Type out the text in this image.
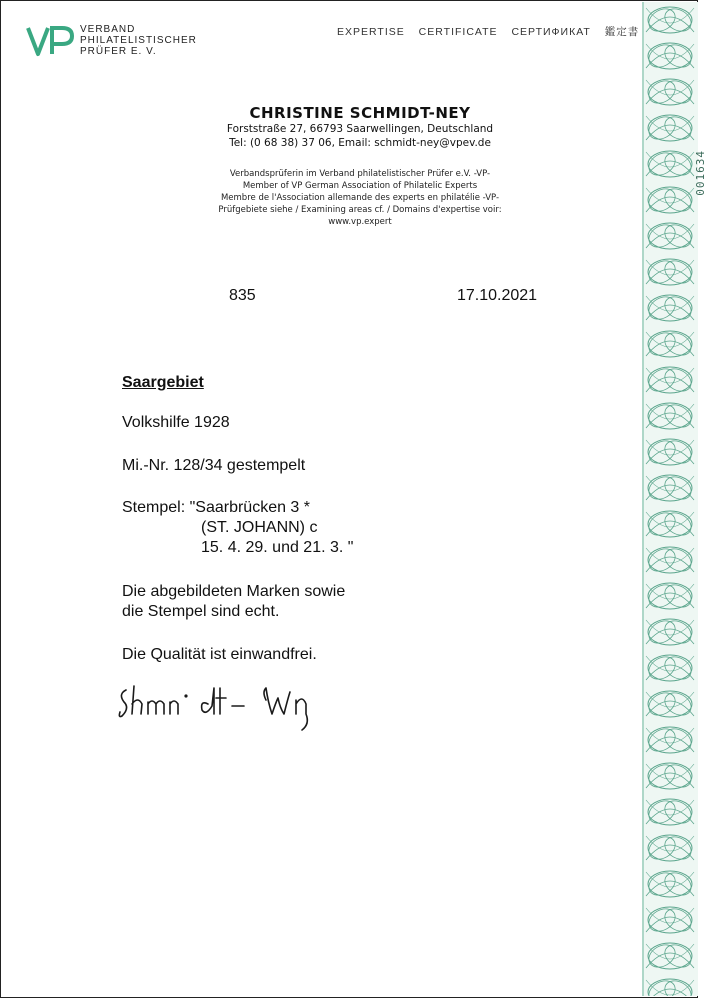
001634
VERBAND
PHILATELISTISCHER
PRÜFER E. V.
EXPERTISE CERTIFICATE СЕРТИФИКАТ 鑑定書
CHRISTINE SCHMIDT-NEY
Forststraße 27, 66793 Saarwellingen, Deutschland
Tel: (0 68 38) 37 06, Email: schmidt-ney@vpev.de
Verbandsprüferin im Verband philatelistischer Prüfer e.V. -VP-
Member of VP German Association of Philatelic Experts
Membre de l'Association allemande des experts en philatélie -VP-
Prüfgebiete siehe / Examining areas cf. / Domains d'expertise voir:
www.vp.expert
835	17.10.2021
Saargebiet
Volkshilfe 1928
Mi.-Nr. 128/34 gestempelt
Stempel: "Saarbrücken 3 *
(ST. JOHANN) c
15. 4. 29. und 21. 3. "
Die abgebildeten Marken sowie
die Stempel sind echt.
Die Qualität ist einwandfrei.
